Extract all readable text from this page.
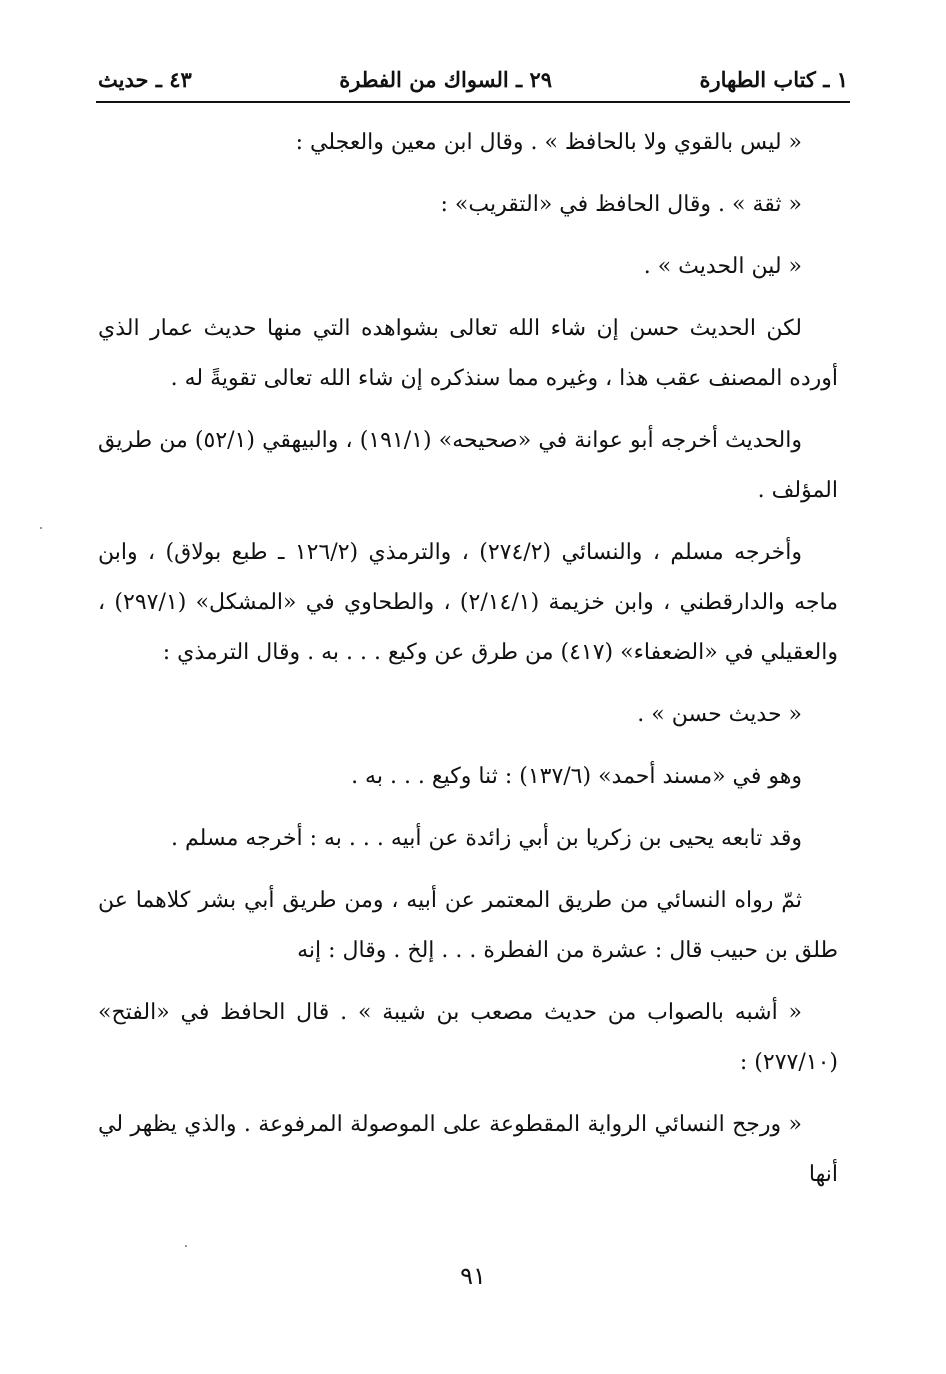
١ ـ كتاب الطهارة
٢٩ ـ السواك من الفطرة
٤٣ ـ حديث

« ليس بالقوي ولا بالحافظ » . وقال ابن معين والعجلي :

« ثقة » . وقال الحافظ في «التقريب» :

« لين الحديث » .

لكن الحديث حسن إن شاء الله تعالى بشواهده التي منها حديث عمار الذي أورده المصنف عقب هذا ، وغيره مما سنذكره إن شاء الله تعالى تقويةً له .

والحديث أخرجه أبو عوانة في «صحيحه» (١٩١/١) ، والبيهقي (٥٢/١) من طريق المؤلف .

وأخرجه مسلم ، والنسائي (٢٧٤/٢) ، والترمذي (١٢٦/٢ ـ طبع بولاق) ، وابن ماجه والدارقطني ، وابن خزيمة (٢/١٤/١) ، والطحاوي في «المشكل» (٢٩٧/١) ، والعقيلي في «الضعفاء» (٤١٧) من طرق عن وكيع . . . به . وقال الترمذي :

« حديث حسن » .

وهو في «مسند أحمد» (١٣٧/٦) : ثنا وكيع . . . به .

وقد تابعه يحيى بن زكريا بن أبي زائدة عن أبيه . . . به : أخرجه مسلم .

ثمّ رواه النسائي من طريق المعتمر عن أبيه ، ومن طريق أبي بشر كلاهما عن طلق بن حبيب قال : عشرة من الفطرة . . . إلخ . وقال : إنه

« أشبه بالصواب من حديث مصعب بن شيبة » . قال الحافظ في «الفتح» (٢٧٧/١٠) :

« ورجح النسائي الرواية المقطوعة على الموصولة المرفوعة . والذي يظهر لي أنها

٩١
